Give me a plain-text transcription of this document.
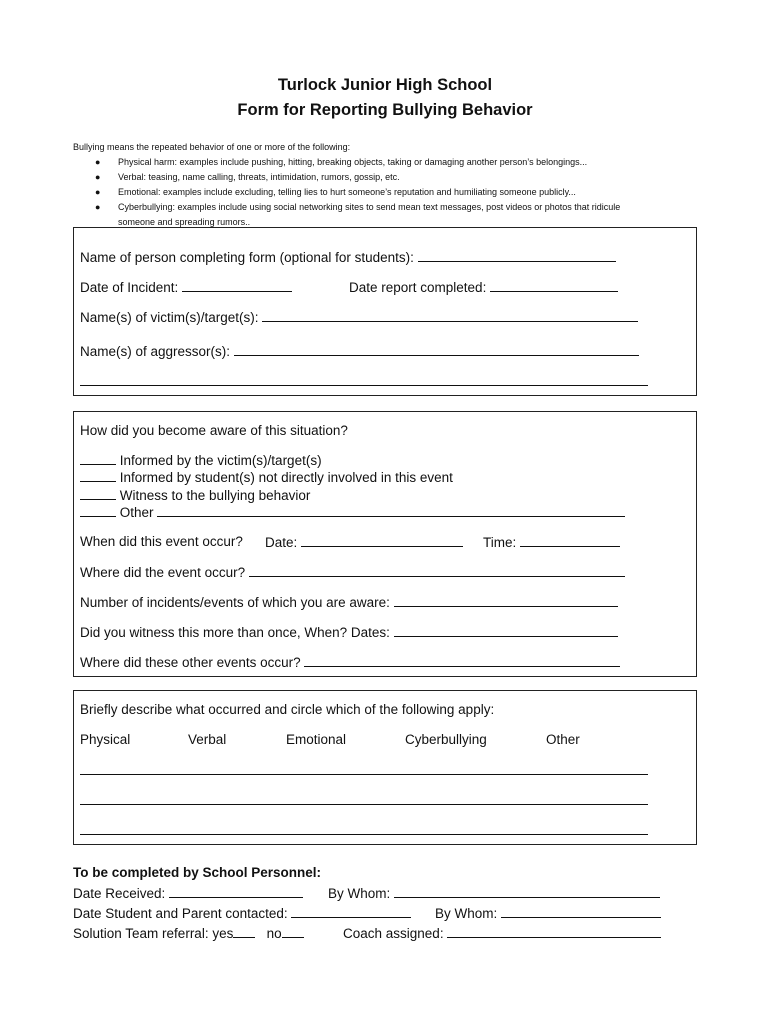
Turlock Junior High School
Form for Reporting Bullying Behavior
Bullying means the repeated behavior of one or more of the following:
● Physical harm: examples include pushing, hitting, breaking objects, taking or damaging another person’s belongings...
● Verbal: teasing, name calling, threats, intimidation, rumors, gossip, etc.
● Emotional: examples include excluding, telling lies to hurt someone’s reputation and humiliating someone publicly...
● Cyberbullying: examples include using social networking sites to send mean text messages, post videos or photos that ridicule
someone and spreading rumors..
Name of person completing form (optional for students):
Date of Incident:	Date report completed:
Name(s) of victim(s)/target(s):
Name(s) of aggressor(s):
How did you become aware of this situation?
Informed by the victim(s)/target(s)
Informed by student(s) not directly involved in this event
Witness to the bullying behavior
Other
When did this event occur? Date:	Time:
Where did the event occur?
Number of incidents/events of which you are aware:
Did you witness this more than once, When? Dates:
Where did these other events occur?
Briefly describe what occurred and circle which of the following apply:
Physical	Verbal	Emotional	Cyberbullying	Other
To be completed by School Personnel:
Date Received:	By Whom:
Date Student and Parent contacted:	By Whom:
Solution Team referral: yes no	Coach assigned:
